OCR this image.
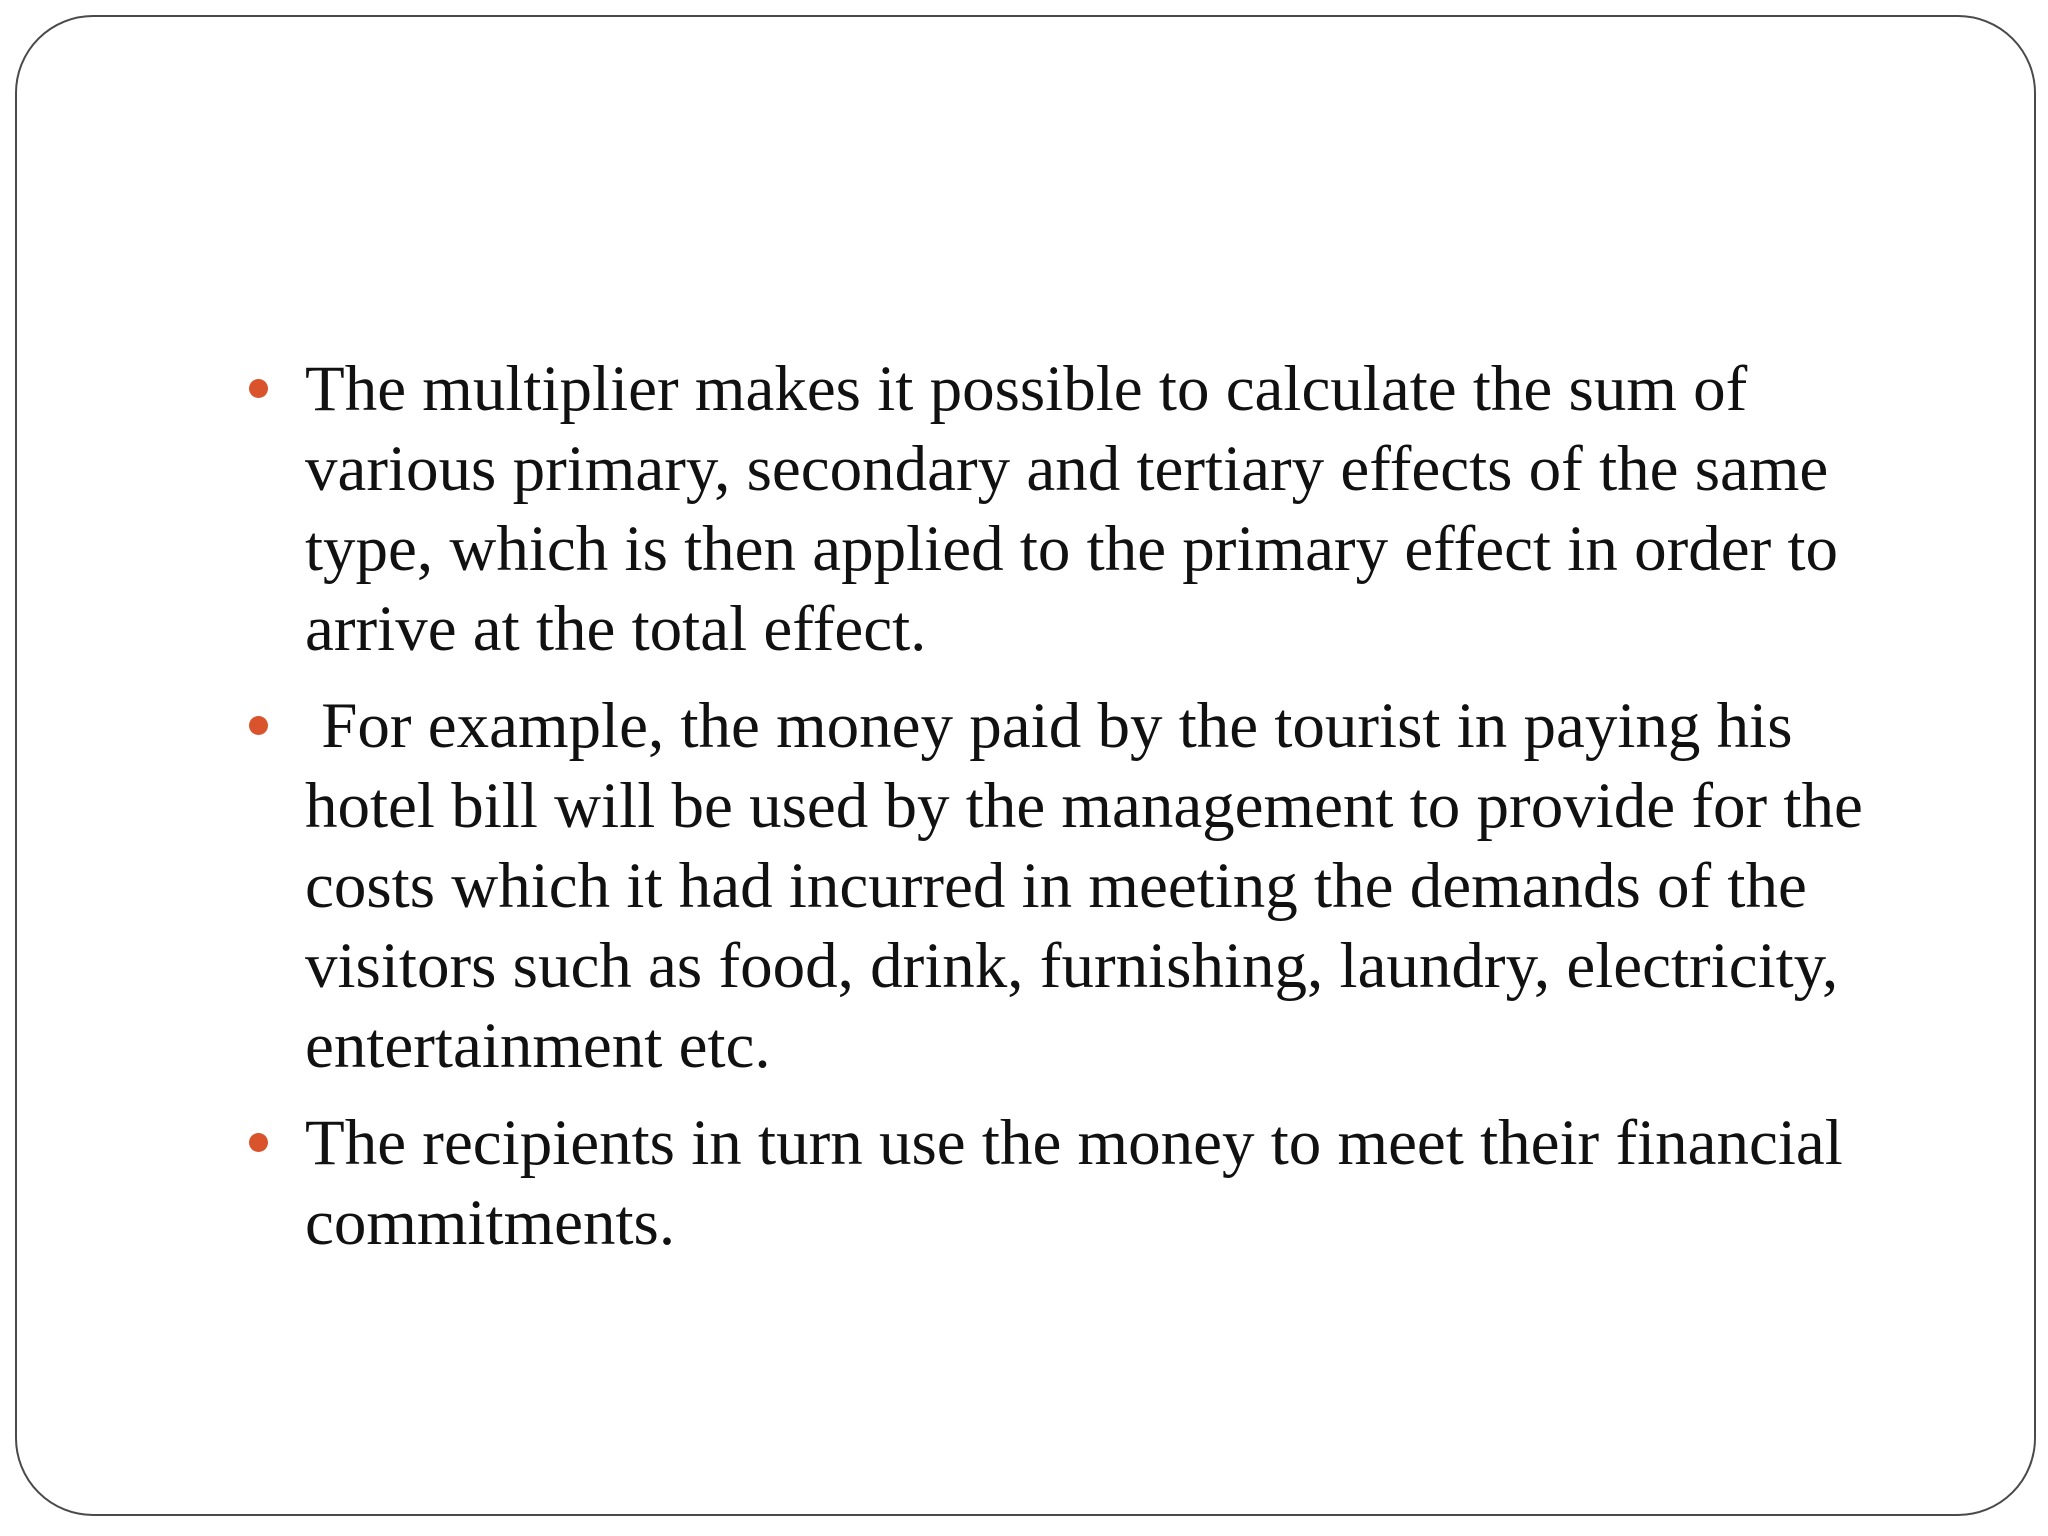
The multiplier makes it possible to calculate the sum of various primary, secondary and tertiary effects of the same type, which is then applied to the primary effect in order to arrive at the total effect.
For example, the money paid by the tourist in paying his hotel bill will be used by the management to provide for the costs which it had incurred in meeting the demands of the visitors such as food, drink, furnishing, laundry, electricity, entertainment etc.
The recipients in turn use the money to meet their financial commitments.
